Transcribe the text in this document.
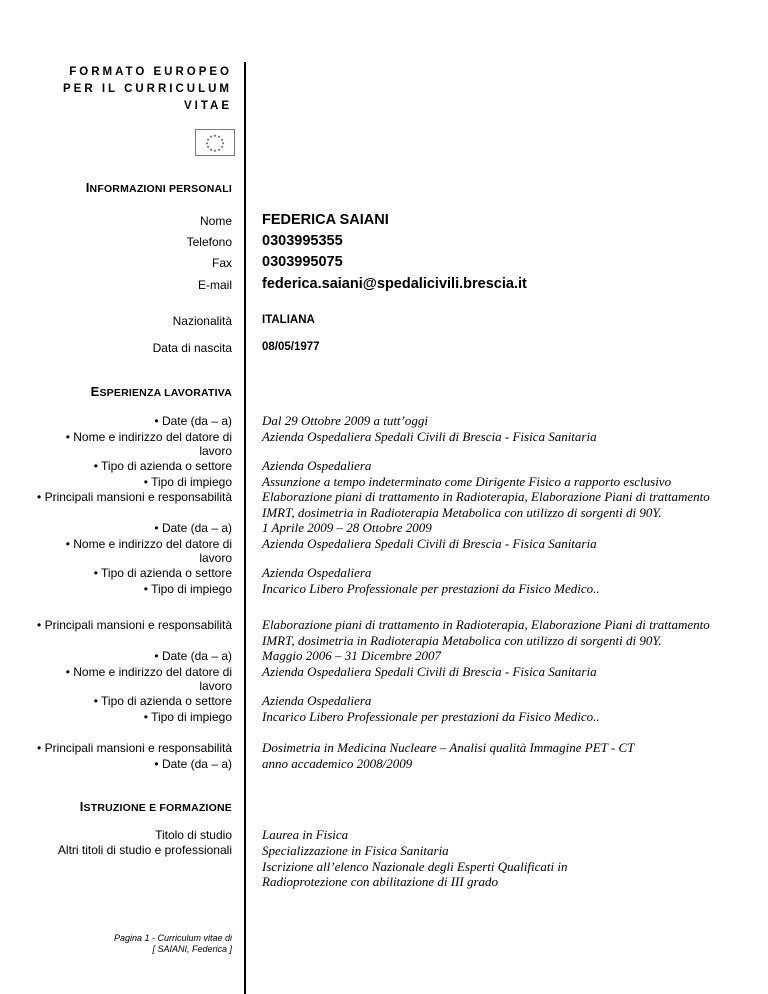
FORMATO EUROPEO
PER IL CURRICULUM
VITAE
★ ★
★
★
★
★
★
★
★
★
★
★
INFORMAZIONI PERSONALI
Nome FEDERICA SAIANI
Telefono 0303995355
Fax 0303995075
E-mail federica.saiani@spedalicivili.brescia.it
Nazionalità	ITALIANA
Data di nascita	08/05/1977
ESPERIENZA LAVORATIVA
• Date (da – a)
• Nome e indirizzo del datore di
lavoro
• Tipo di azienda o settore
• Tipo di impiego
• Principali mansioni e responsabilità
Dal 29 Ottobre 2009 a tutt’oggi
Azienda Ospedaliera Spedali Civili di Brescia - Fisica Sanitaria
Azienda Ospedaliera
Assunzione a tempo indeterminato come Dirigente Fisico a rapporto esclusivo
Elaborazione piani di trattamento in Radioterapia, Elaborazione Piani di trattamento
IMRT, dosimetria in Radioterapia Metabolica con utilizzo di sorgenti di 90Y.
• Date (da – a)
• Nome e indirizzo del datore di
lavoro
• Tipo di azienda o settore
• Tipo di impiego
1 Aprile 2009 – 28 Ottobre 2009
Azienda Ospedaliera Spedali Civili di Brescia - Fisica Sanitaria
Azienda Ospedaliera
Incarico Libero Professionale per prestazioni da Fisico Medico..
• Principali mansioni e responsabilità Elaborazione piani di trattamento in Radioterapia, Elaborazione Piani di trattamento
IMRT, dosimetria in Radioterapia Metabolica con utilizzo di sorgenti di 90Y.
• Date (da – a)
• Nome e indirizzo del datore di
lavoro
• Tipo di azienda o settore
• Tipo di impiego
Maggio 2006 – 31 Dicembre 2007
Azienda Ospedaliera Spedali Civili di Brescia - Fisica Sanitaria
Azienda Ospedaliera
Incarico Libero Professionale per prestazioni da Fisico Medico..
• Principali mansioni e responsabilità Dosimetria in Medicina Nucleare – Analisi qualità Immagine PET - CT
• Date (da – a) anno accademico 2008/2009
ISTRUZIONE E FORMAZIONE
Titolo di studio
Altri titoli di studio e professionali
Laurea in Fisica
Specializzazione in Fisica Sanitaria
Iscrizione all’elenco Nazionale degli Esperti Qualificati in
Radioprotezione con abilitazione di III grado
Pagina 1 - Curriculum vitae di
[ SAIANI, Federica ]
